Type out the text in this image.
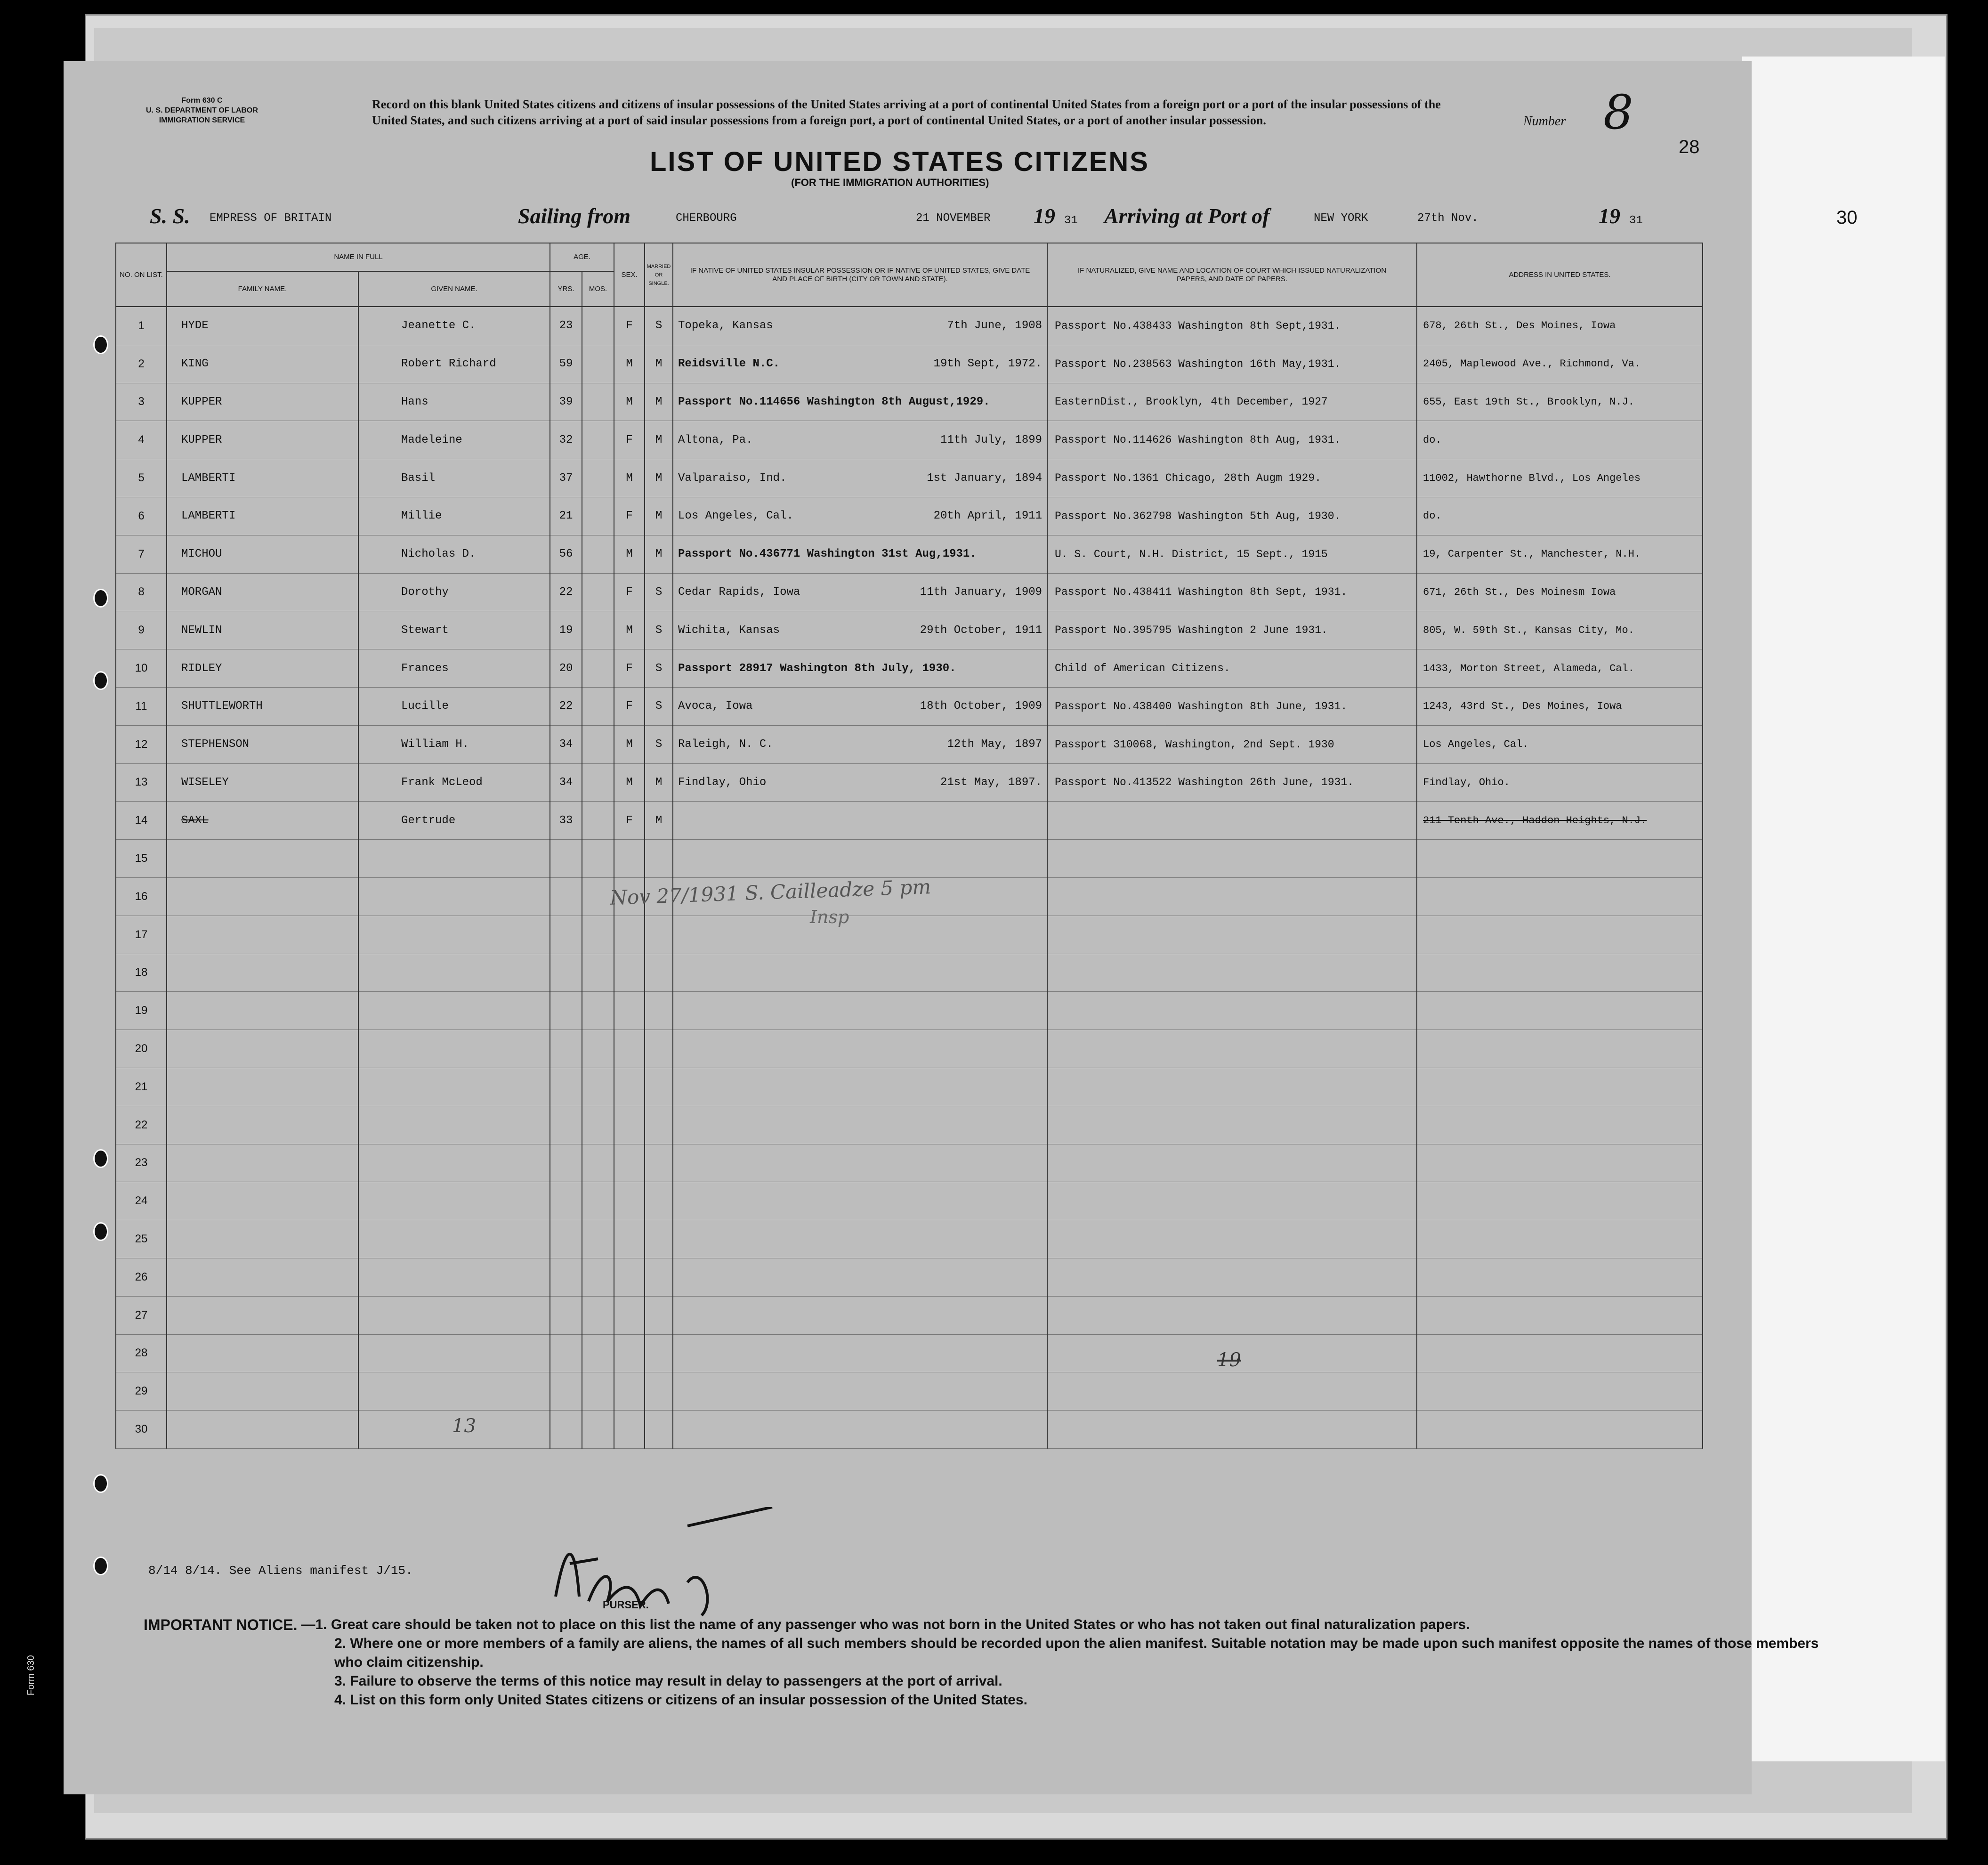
30
Form 630 C
U. S. DEPARTMENT OF LABOR
IMMIGRATION SERVICE
Record on this blank United States citizens and citizens of insular possessions of the United States arriving at a port of continental United States from a foreign port or a port of the insular possessions of the United States, and such citizens arriving at a port of said insular possessions from a foreign port, a port of continental United States, or a port of another insular possession.	Number 8
28
LIST OF UNITED STATES CITIZENS
(FOR THE IMMIGRATION AUTHORITIES)
S. S. EMPRESS OF BRITAIN	Sailing from	CHERBOURG	21 NOVEMBER 19 31 Arriving at Port of	NEW YORK	27th Nov.	19 31
NO. ON LIST.	NAME IN FULL		AGE.		SEX.	MARRIED OR SINGLE.	IF NATIVE OF UNITED STATES INSULAR POSSESSION OR IF NATIVE OF UNITED STATES, GIVE DATE AND PLACE OF BIRTH (CITY OR TOWN AND STATE).	IF NATURALIZED, GIVE NAME AND LOCATION OF COURT WHICH ISSUED NATURALIZATION PAPERS, AND DATE OF PAPERS.	ADDRESS IN UNITED STATES.
	FAMILY NAME.	GIVEN NAME.	YRS.	MOS.					
1	HYDE	Jeanette C.	23		F	S	Topeka, Kansas 7th June, 1908	Passport No.438433 Washington 8th Sept,1931.	678, 26th St., Des Moines, Iowa
2	KING	Robert Richard	59		M	M	Reidsville N.C. 19th Sept, 1972.	Passport No.238563 Washington 16th May,1931.	2405, Maplewood Ave., Richmond, Va.
3	KUPPER	Hans	39		M	M	Passport No.114656 Washington 8th August,1929.	EasternDist., Brooklyn, 4th December, 1927	655, East 19th St., Brooklyn, N.J.
4	KUPPER	Madeleine	32		F	M	Altona, Pa. 11th July, 1899	Passport No.114626 Washington 8th Aug, 1931.	do.
5	LAMBERTI	Basil	37		M	M	Valparaiso, Ind. 1st January, 1894	Passport No.1361 Chicago, 28th Augm 1929.	11002, Hawthorne Blvd., Los Angeles
6	LAMBERTI	Millie	21		F	M	Los Angeles, Cal. 20th April, 1911	Passport No.362798 Washington 5th Aug, 1930.	do.
7	MICHOU	Nicholas D.	56		M	M	Passport No.436771 Washington 31st Aug,1931.	U. S. Court, N.H. District, 15 Sept., 1915	19, Carpenter St., Manchester, N.H.
8	MORGAN	Dorothy	22		F	S	Cedar Rapids, Iowa 11th January, 1909	Passport No.438411 Washington 8th Sept, 1931.	671, 26th St., Des Moinesm Iowa
9	NEWLIN	Stewart	19		M	S	Wichita, Kansas 29th October, 1911	Passport No.395795 Washington 2 June 1931.	805, W. 59th St., Kansas City, Mo.
10	RIDLEY	Frances	20		F	S	Passport 28917 Washington 8th July, 1930.	Child of American Citizens.	1433, Morton Street, Alameda, Cal.
11	SHUTTLEWORTH	Lucille	22		F	S	Avoca, Iowa 18th October, 1909	Passport No.438400 Washington 8th June, 1931.	1243, 43rd St., Des Moines, Iowa
12	STEPHENSON	William H.	34		M	S	Raleigh, N. C. 12th May, 1897	Passport 310068, Washington, 2nd Sept. 1930	Los Angeles, Cal.
13	WISELEY	Frank McLeod	34		M	M	Findlay, Ohio 21st May, 1897.	Passport No.413522 Washington 26th June, 1931.	Findlay, Ohio.
14	SAXL	Gertrude	33		F	M			211 Tenth Ave., Haddon Heights, N.J.
15									
16									
17									
18									
19									
20									
21									
22									
23									
24									
25									
26									
27									
28									
29									
30									
Nov 27/1931 S. Cailleadze 5 pm
Insp
13
19
8/14 8/14. See Aliens manifest J/15.
PURSER.
IMPORTANT NOTICE. —1. Great care should be taken not to place on this list the name of any passenger who was not born in the United States or who has not taken out final naturalization papers.
2. Where one or more members of a family are aliens, the names of all such members should be recorded upon the alien manifest. Suitable notation may be made upon such manifest opposite the names of those members who claim citizenship.
3. Failure to observe the terms of this notice may result in delay to passengers at the port of arrival.
4. List on this form only United States citizens or citizens of an insular possession of the United States.
Form 630
